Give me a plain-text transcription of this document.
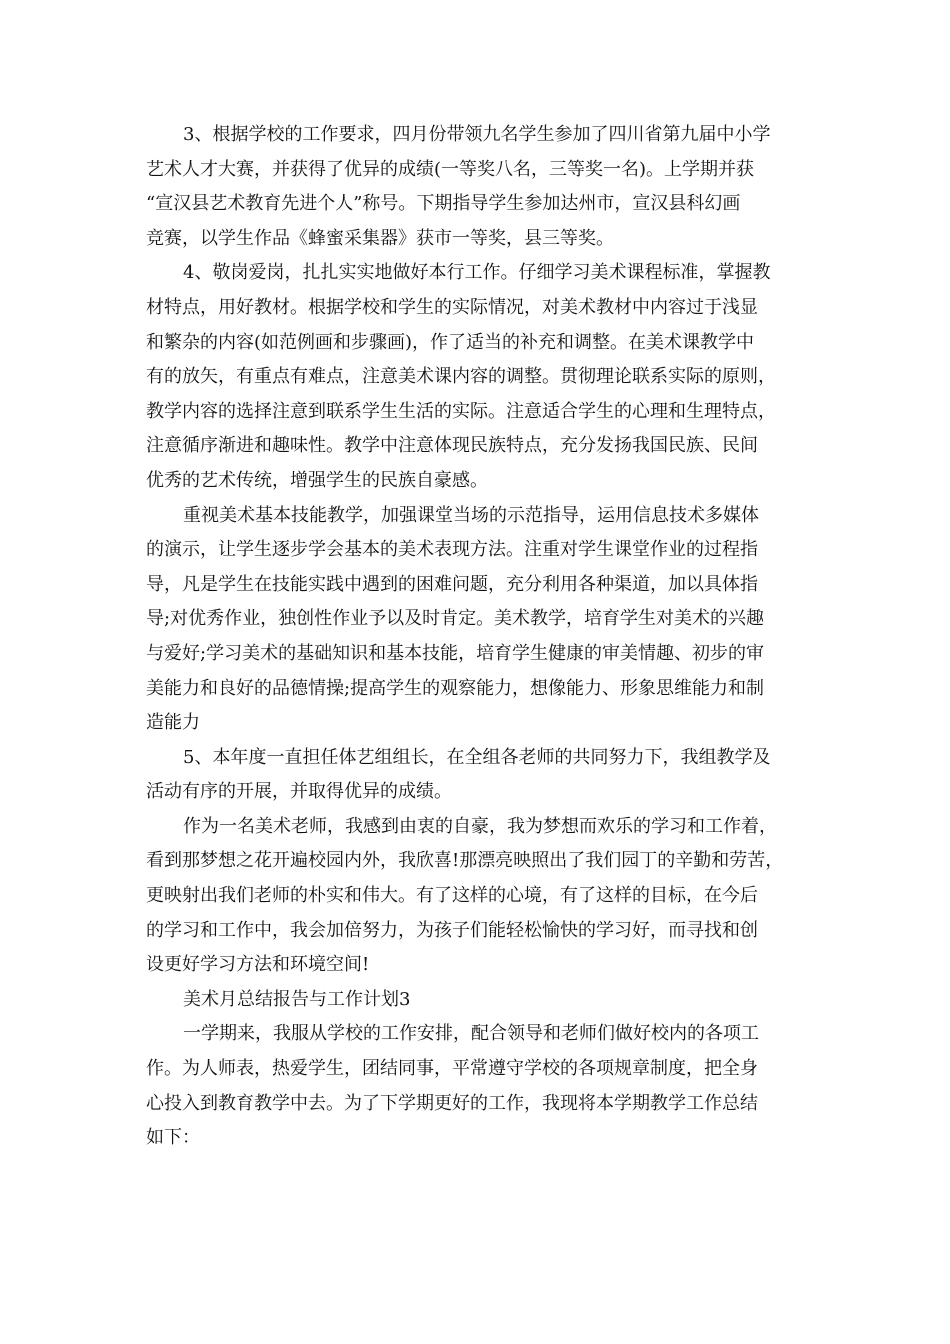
3、根据学校的工作要求，四月份带领九名学生参加了四川省第九届中小学
艺术人才大赛，并获得了优异的成绩(一等奖八名，三等奖一名)。上学期并获
“宣汉县艺术教育先进个人”称号。下期指导学生参加达州市，宣汉县科幻画
竞赛，以学生作品《蜂蜜采集器》获市一等奖，县三等奖。
4、敬岗爱岗，扎扎实实地做好本行工作。仔细学习美术课程标准，掌握教
材特点，用好教材。根据学校和学生的实际情况，对美术教材中内容过于浅显
和繁杂的内容(如范例画和步骤画)，作了适当的补充和调整。在美术课教学中
有的放矢，有重点有难点，注意美术课内容的调整。贯彻理论联系实际的原则，
教学内容的选择注意到联系学生生活的实际。注意适合学生的心理和生理特点，
注意循序渐进和趣味性。教学中注意体现民族特点，充分发扬我国民族、民间
优秀的艺术传统，增强学生的民族自豪感。
重视美术基本技能教学，加强课堂当场的示范指导，运用信息技术多媒体
的演示，让学生逐步学会基本的美术表现方法。注重对学生课堂作业的过程指
导，凡是学生在技能实践中遇到的困难问题，充分利用各种渠道，加以具体指
导;对优秀作业，独创性作业予以及时肯定。美术教学，培育学生对美术的兴趣
与爱好;学习美术的基础知识和基本技能，培育学生健康的审美情趣、初步的审
美能力和良好的品德情操;提高学生的观察能力，想像能力、形象思维能力和制
造能力
5、本年度一直担任体艺组组长，在全组各老师的共同努力下，我组教学及
活动有序的开展，并取得优异的成绩。
作为一名美术老师，我感到由衷的自豪，我为梦想而欢乐的学习和工作着，
看到那梦想之花开遍校园内外，我欣喜!那漂亮映照出了我们园丁的辛勤和劳苦，
更映射出我们老师的朴实和伟大。有了这样的心境，有了这样的目标，在今后
的学习和工作中，我会加倍努力，为孩子们能轻松愉快的学习好，而寻找和创
设更好学习方法和环境空间!
美术月总结报告与工作计划3
一学期来，我服从学校的工作安排，配合领导和老师们做好校内的各项工
作。为人师表，热爱学生，团结同事，平常遵守学校的各项规章制度，把全身
心投入到教育教学中去。为了下学期更好的工作，我现将本学期教学工作总结
如下：
